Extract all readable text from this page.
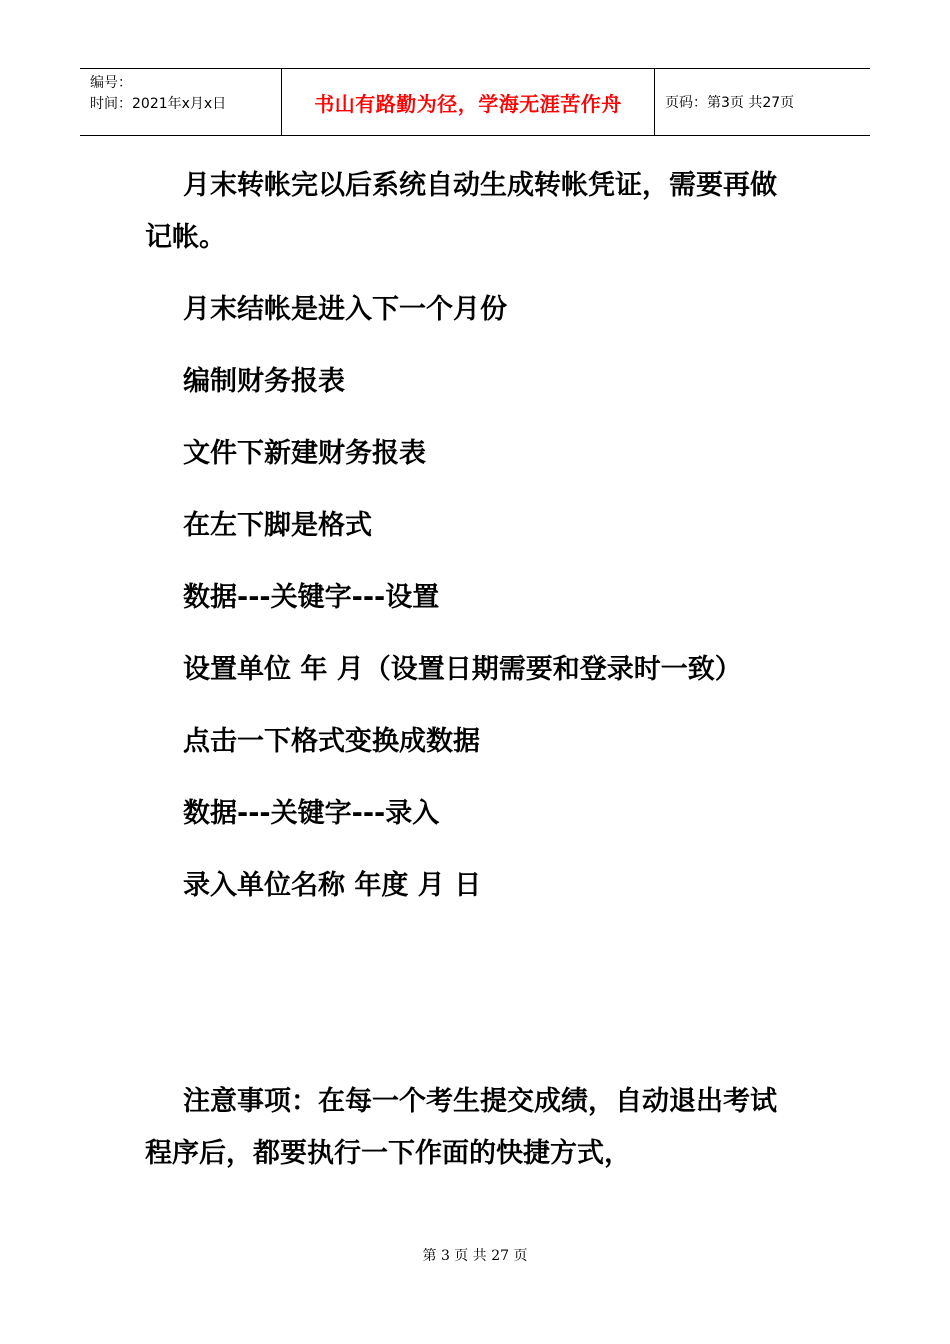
编号：
时间：2021年x月x日	书山有路勤为径，学海无涯苦作舟	页码：第3页 共27页
月末转帐完以后系统自动生成转帐凭证，需要再做记帐。
月末结帐是进入下一个月份
编制财务报表
文件下新建财务报表
在左下脚是格式
数据---关键字---设置
设置单位 年 月（设置日期需要和登录时一致）
点击一下格式变换成数据
数据---关键字---录入
录入单位名称 年度 月 日
注意事项：在每一个考生提交成绩，自动退出考试程序后，都要执行一下作面的快捷方式，
第 3 页 共 27 页
